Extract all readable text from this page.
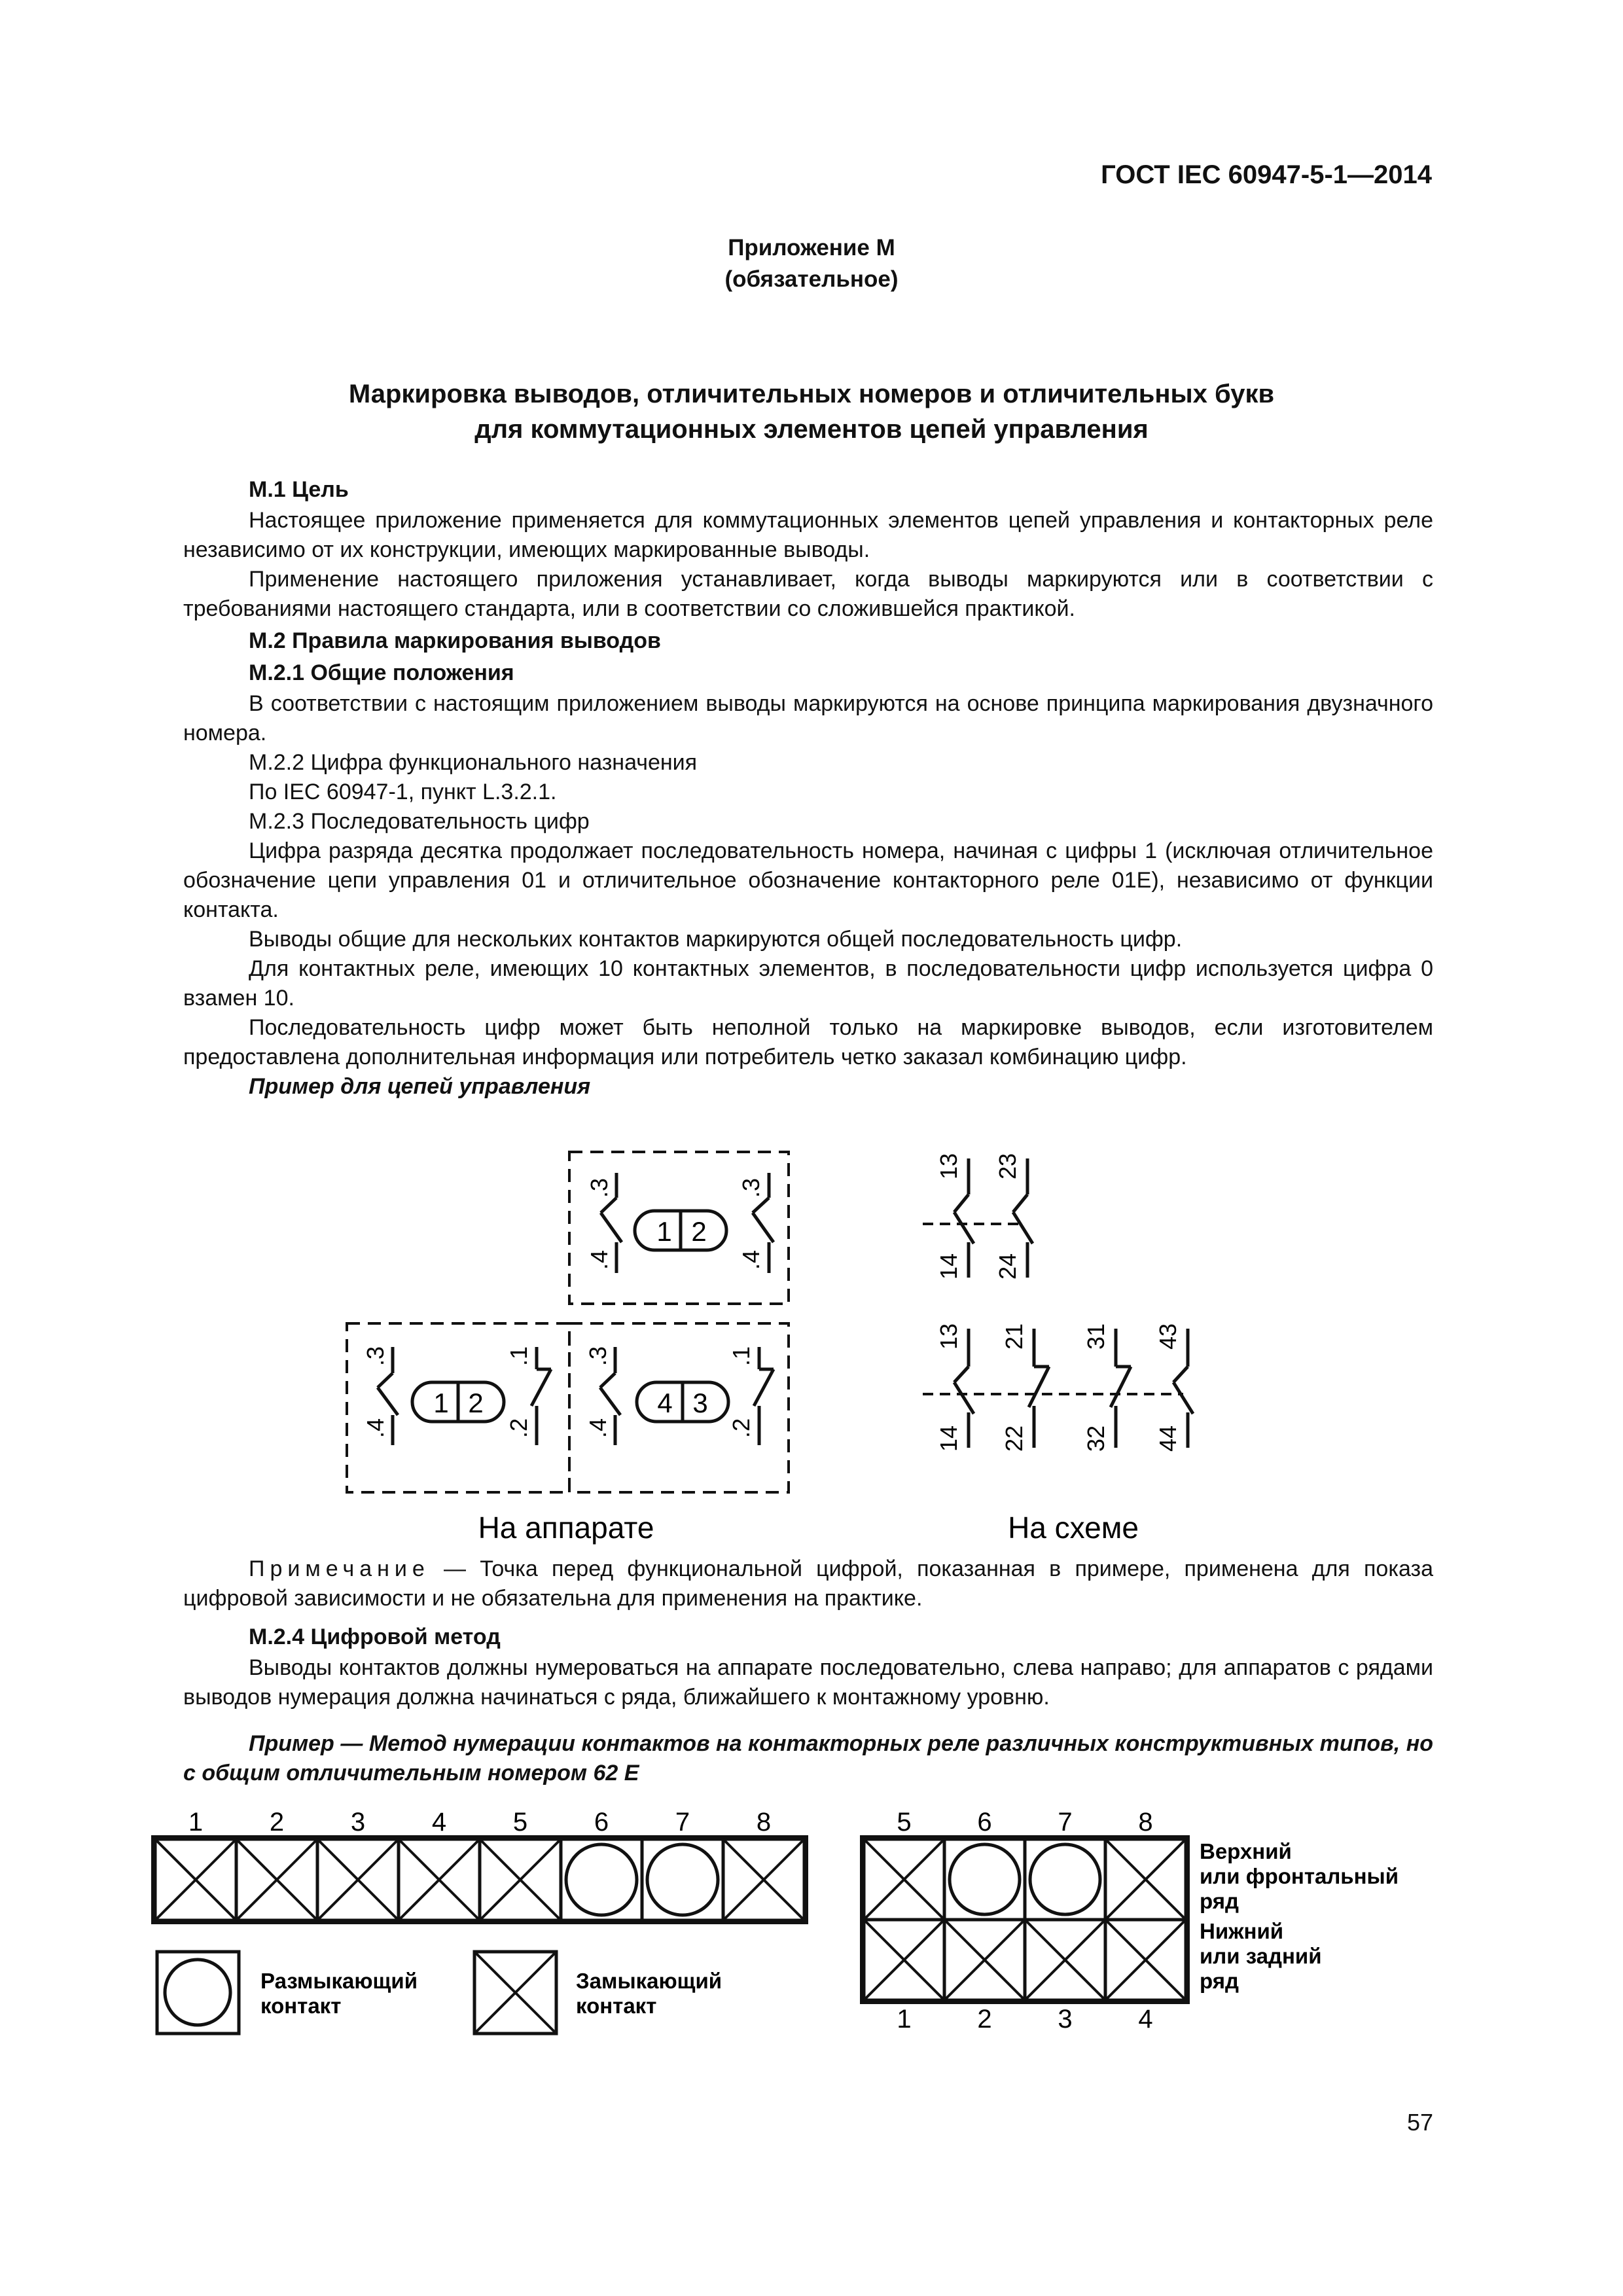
ГОСТ IEC 60947-5-1—2014
Приложение М
(обязательное)
Маркировка выводов, отличительных номеров и отличительных букв
для коммутационных элементов цепей управления
М.1 Цель

Настоящее приложение применяется для коммутационных элементов цепей управления и контакторных реле независимо от их конструкции, имеющих маркированные выводы.

Применение настоящего приложения устанавливает, когда выводы маркируются или в соответствии с требованиями настоящего стандарта, или в соответствии со сложившейся практикой.

М.2 Правила маркирования выводов
М.2.1 Общие положения

В соответствии с настоящим приложением выводы маркируются на основе принципа маркирования двузначного номера.

М.2.2 Цифра функционального назначения
По IEC 60947-1, пункт L.3.2.1.
М.2.3 Последовательность цифр

Цифра разряда десятка продолжает последовательность номера, начиная с цифры 1 (исключая отличительное обозначение цепи управления 01 и отличительное обозначение контакторного реле 01Е), независимо от функции контакта.

Выводы общие для нескольких контактов маркируются общей последовательность цифр.

Для контактных реле, имеющих 10 контактных элементов, в последовательности цифр используется цифра 0 взамен 10.

Последовательность цифр может быть неполной только на маркировке выводов, если изготовителем предоставлена дополнительная информация или потребитель четко заказал комбинацию цифр.

Пример для цепей управления
1 2
.3
.4
.3
.4
1 2
.3
.4
.1
.2
4 3
.3
.4
.1
.2
13 23
14 24
13 21 31 43
14 22 32 44
На аппарате	На схеме

Примечание — Точка перед функциональной цифрой, показанная в примере, применена для показа цифровой зависимости и не обязательна для применения на практике.

М.2.4 Цифровой метод

Выводы контактов должны нумероваться на аппарате последовательно, слева направо; для аппаратов с рядами выводов нумерация должна начинаться с ряда, ближайшего к монтажному уровню.

Пример — Метод нумерации контактов на контакторных реле различных конструктивных типов, но с общим отличительным номером 62 Е

1	2	3	4	5	6	7	8	5	6	7	8
1	2	3	4
Размыкающий
контакт
Замыкающий
контакт
Верхний
или фронтальный
ряд
Нижний
или задний
ряд
57
